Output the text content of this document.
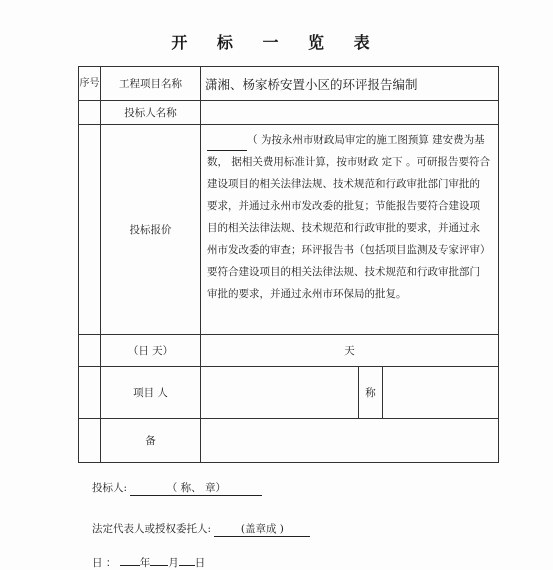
开 标 一 览 表
序号	工程项目名称	潇湘、杨家桥安置小区的环评报告编制		
	投标人名称			
	投标报价	（ 为按永州市财政局审定的施工图预算 建安费为基数， 据相关费用标准计算，按市财政 定下 。可研报告要符合建设项目的相关法律法规、技术规范和行政审批部门审批的要求，并通过永州市发改委的批复；节能报告要符合建设项目的相关法律法规、技术规范和行政审批的要求，并通过永州市发改委的审查；环评报告书（包括项目监测及专家评审）要符合建设项目的相关法律法规、技术规范和行政审批部门审批的要求，并通过永州市环保局的批复。		
	（日 天）	天		
	项目 人		称	
	备			
投标人:	（ 称、 章）
法定代表人或授权委托人:	(盖章成 )
日 ： 年 月 日
